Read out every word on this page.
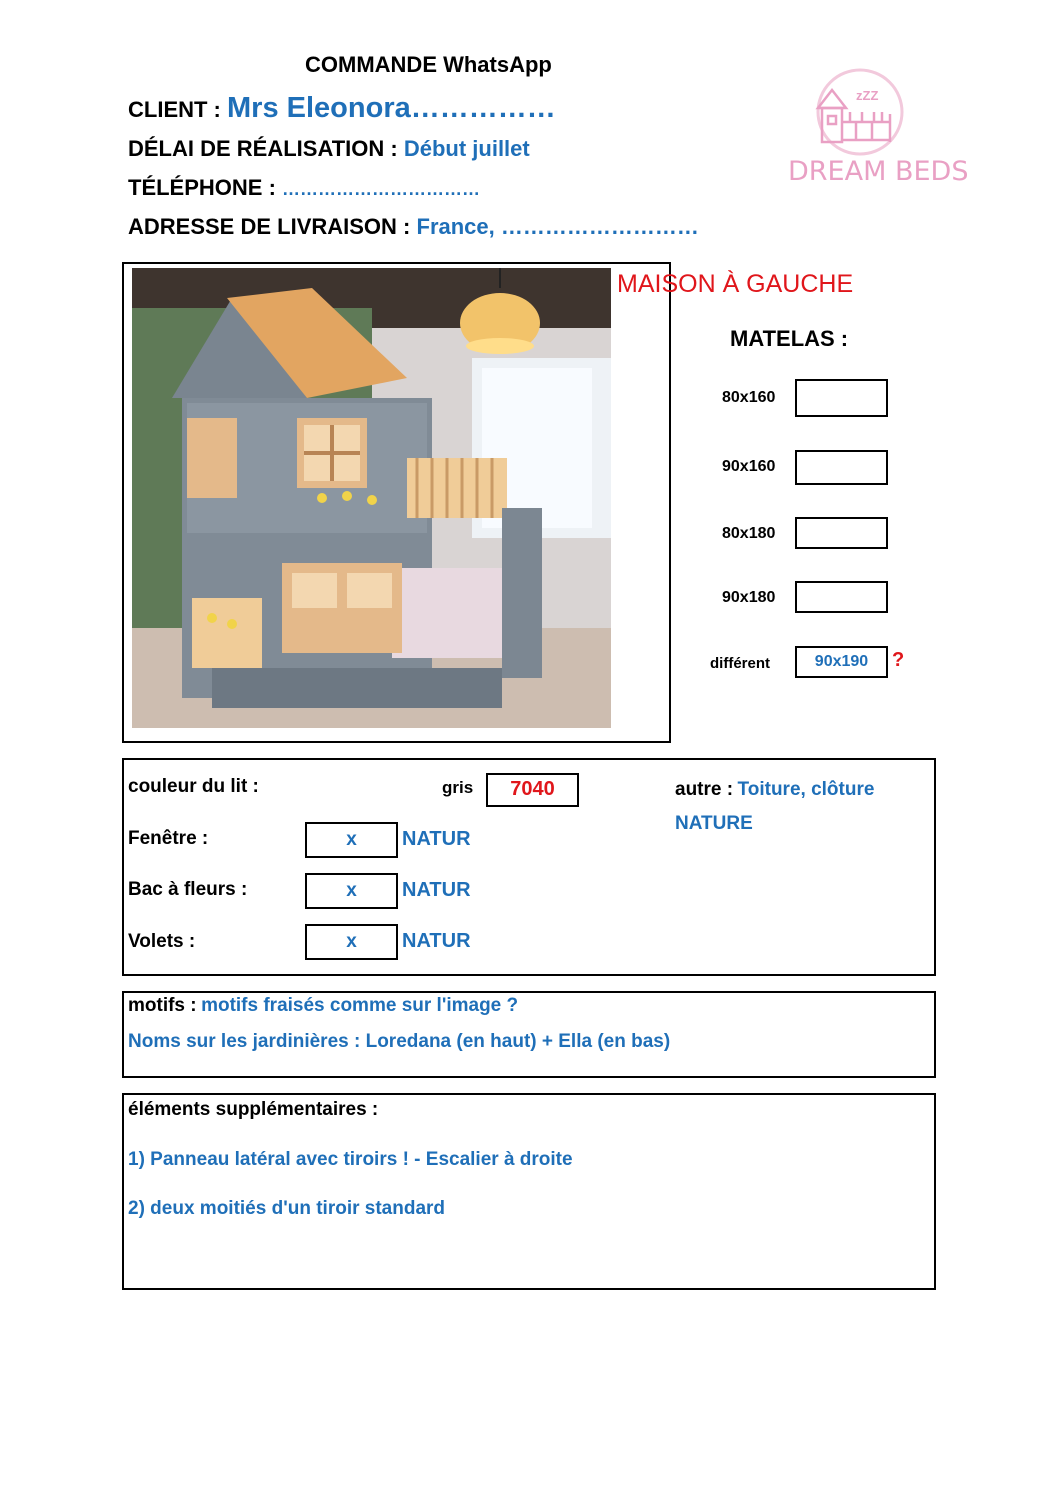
COMMANDE WhatsApp
CLIENT : Mrs Eleonora……………
DÉLAI DE RÉALISATION : Début juillet
TÉLÉPHONE : ……………………………
ADRESSE DE LIVRAISON : France, ………………………
zZZ
DREAM BEDS
MAISON À GAUCHE
MATELAS :
80x160
90x160
80x180
90x180
différent	90x190	?
couleur du lit :	gris	7040	autre : Toiture, clôture
NATURE
Fenêtre :	x	NATUR
Bac à fleurs :	x	NATUR
Volets :	x	NATUR
motifs : motifs fraisés comme sur l'image ?
Noms sur les jardinières : Loredana (en haut) + Ella (en bas)
éléments supplémentaires :
1) Panneau latéral avec tiroirs ! - Escalier à droite
2) deux moitiés d'un tiroir standard
